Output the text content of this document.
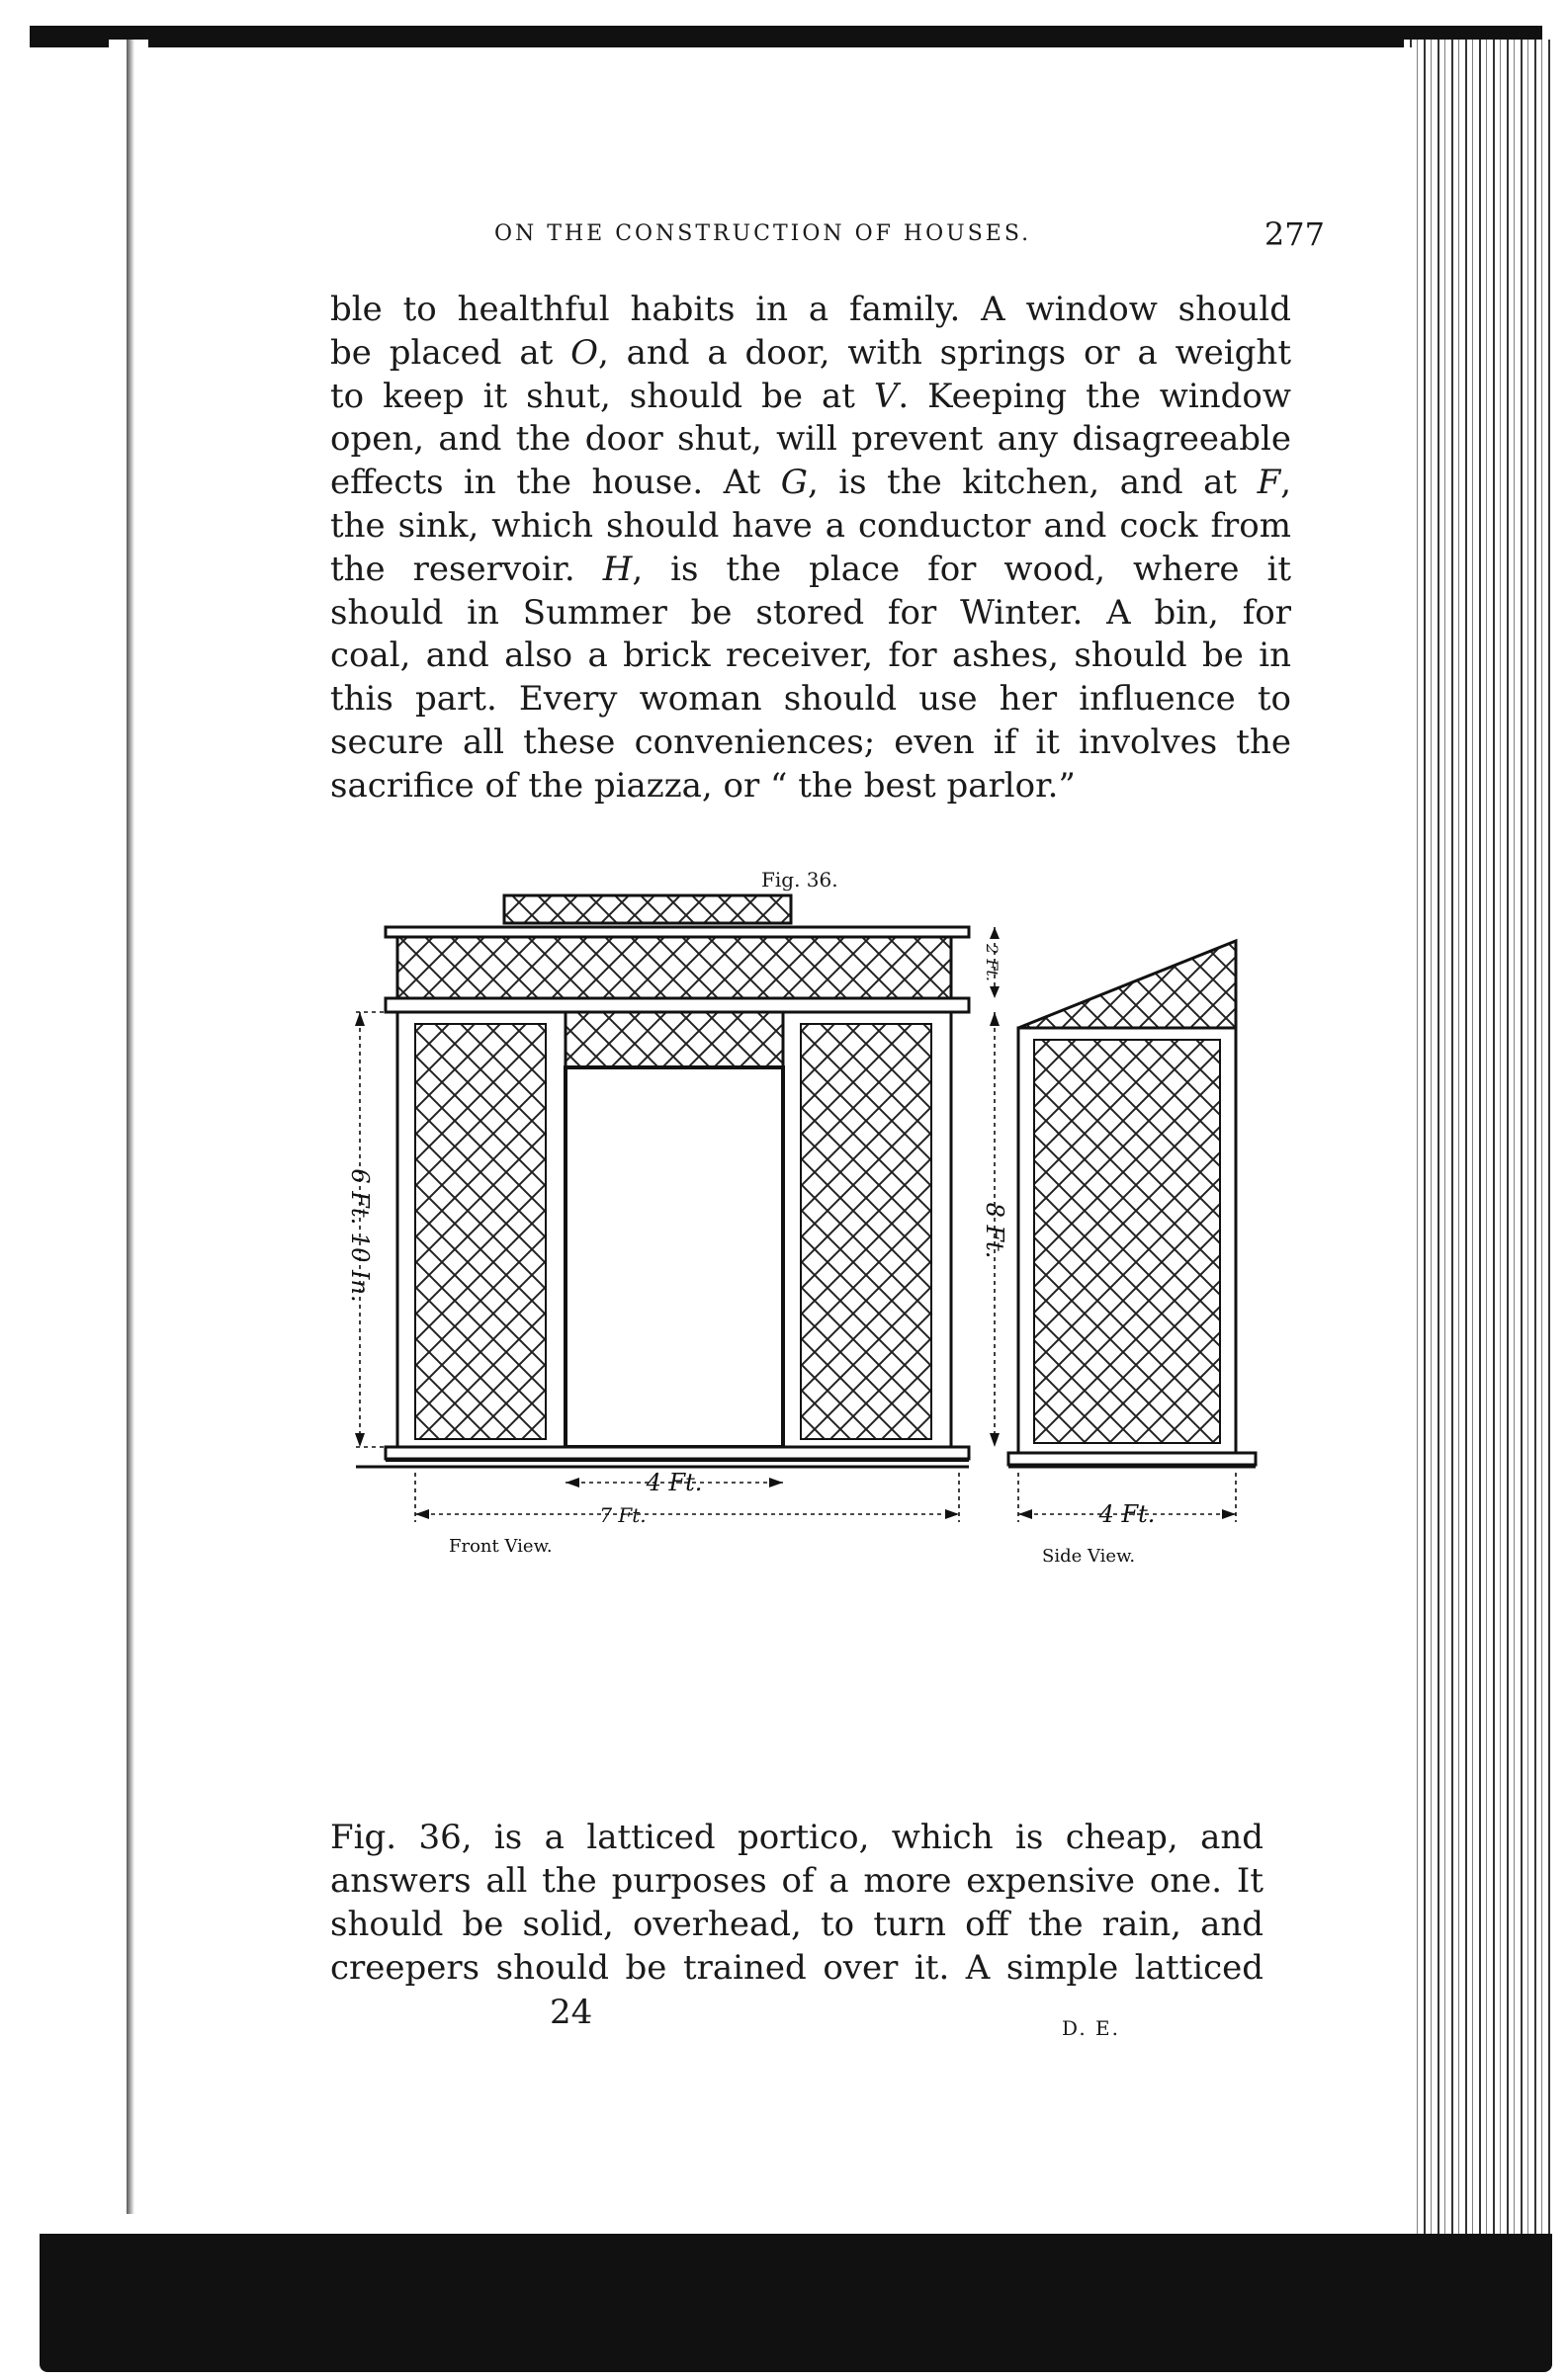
ON THE CONSTRUCTION OF HOUSES.	277
ble to healthful habits in a family. A window should
be placed at O, and a door, with springs or a weight
to keep it shut, should be at V. Keeping the window
open, and the door shut, will prevent any disagreeable
effects in the house. At G, is the kitchen, and at F,
the sink, which should have a conductor and cock from
the reservoir. H, is the place for wood, where it
should in Summer be stored for Winter. A bin, for
coal, and also a brick receiver, for ashes, should be in
this part. Every woman should use her influence to
secure all these conveniences; even if it involves the
sacrifice of the piazza, or “ the best parlor.”
Fig. 36.
6 Ft. 10 In.	8 Ft.
2 Ft.
4 Ft.
7 Ft.	4 Ft.
Front View.	Side View.
Fig. 36, is a latticed portico, which is cheap, and
answers all the purposes of a more expensive one. It
should be solid, overhead, to turn off the rain, and
creepers should be trained over it. A simple latticed
24	D. E.
